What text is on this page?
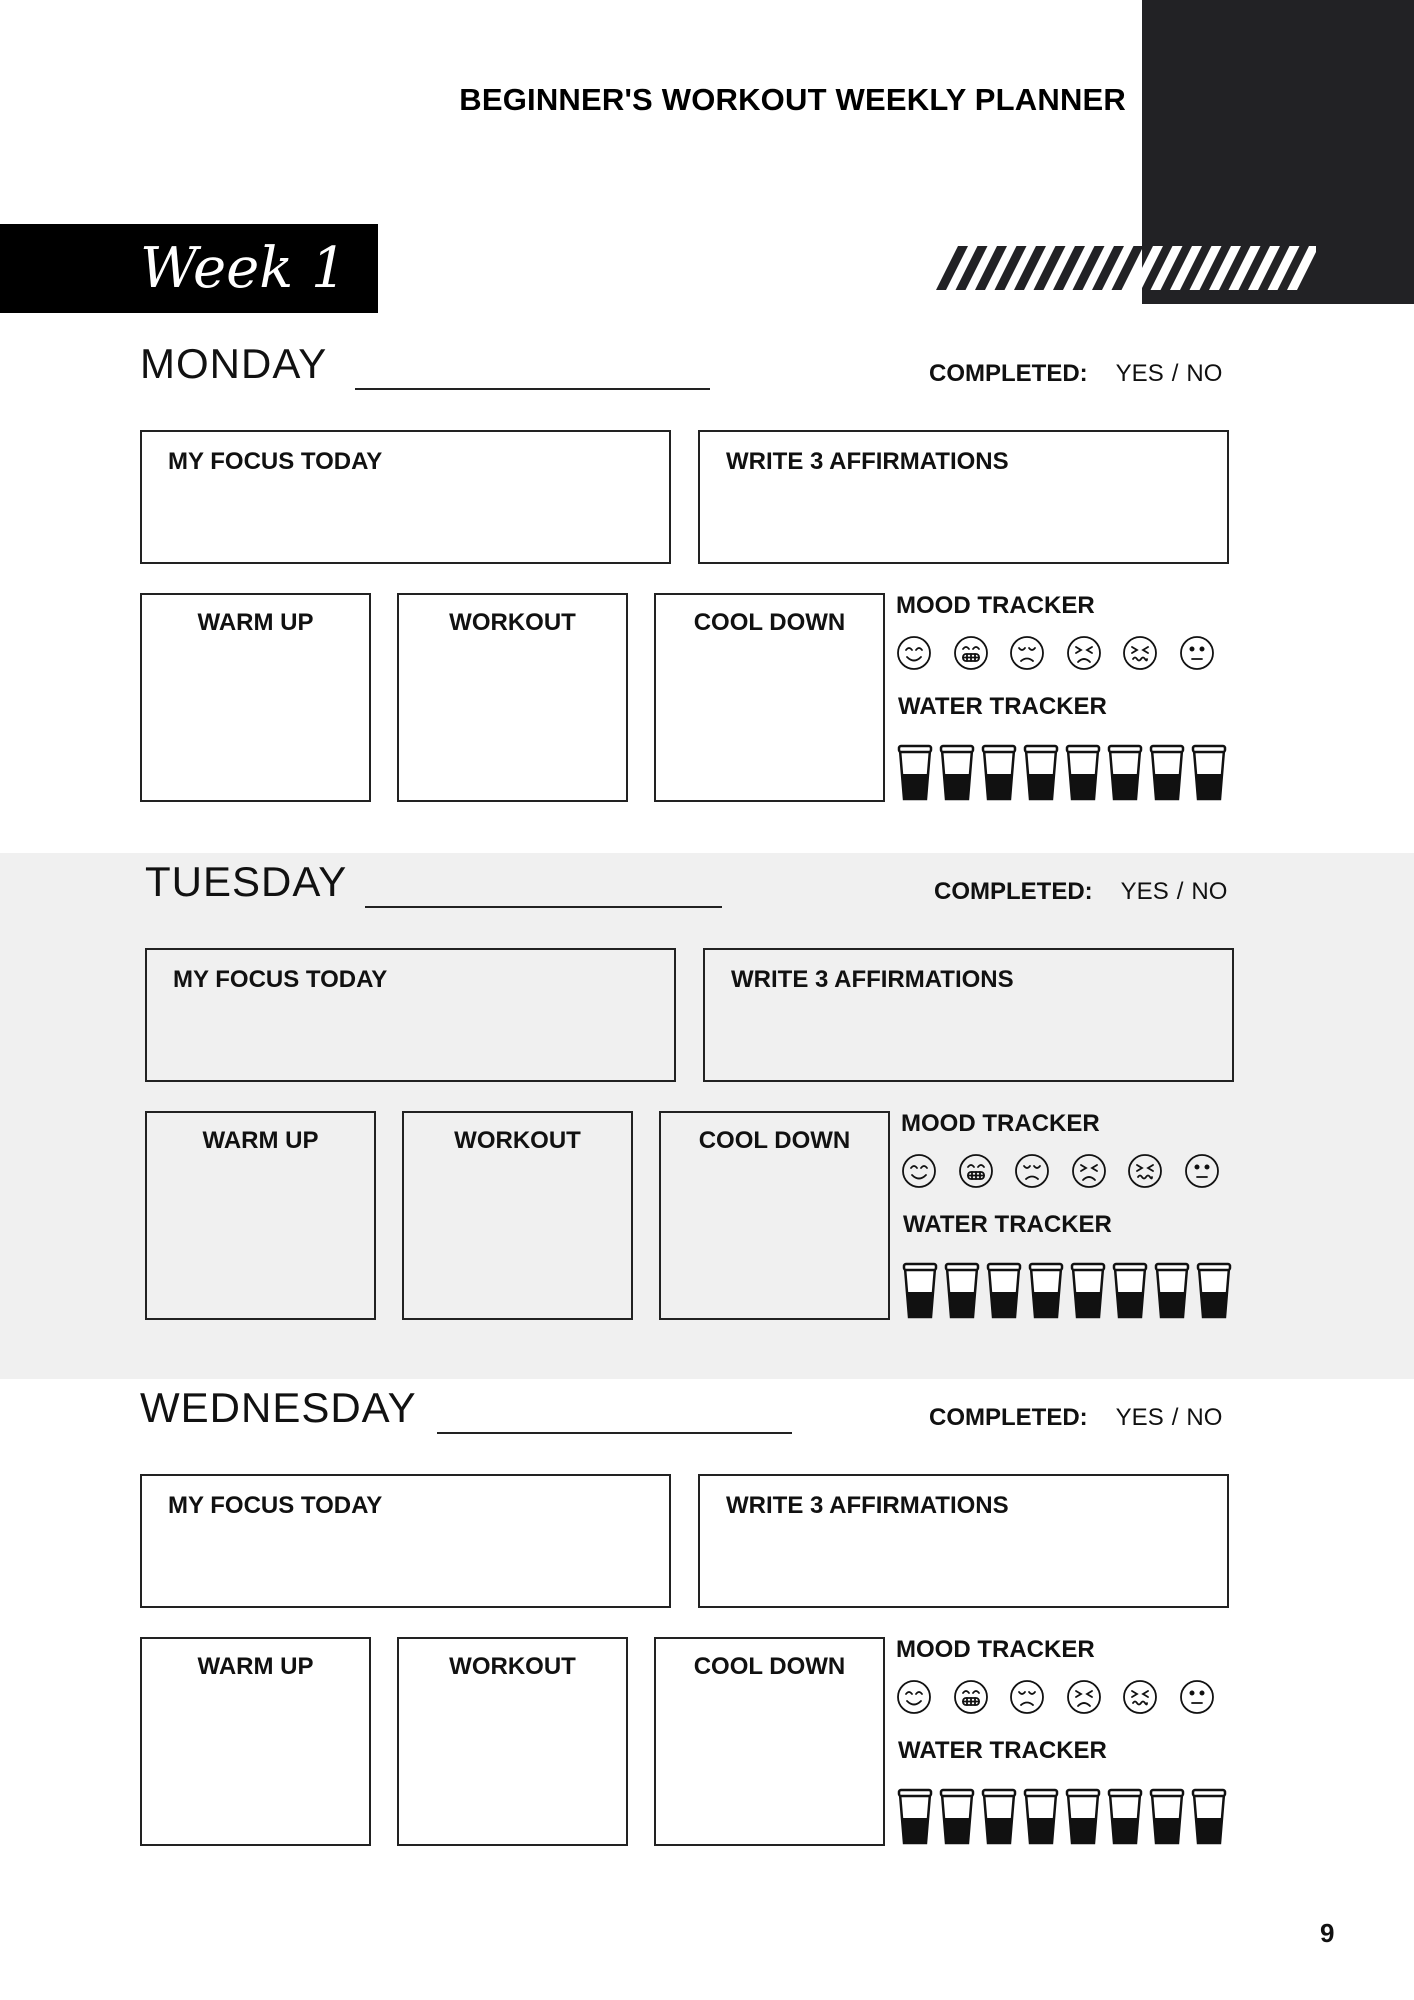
BEGINNER'S WORKOUT WEEKLY PLANNER
Week 1
MONDAY	COMPLETED: YES / NO
MY FOCUS TODAY	WRITE 3 AFFIRMATIONS
WARM UP	WORKOUT	COOL DOWN
MOOD TRACKER
WATER TRACKER
TUESDAY	COMPLETED: YES / NO
MY FOCUS TODAY	WRITE 3 AFFIRMATIONS
WARM UP	WORKOUT	COOL DOWN
MOOD TRACKER
WATER TRACKER
WEDNESDAY	COMPLETED: YES / NO
MY FOCUS TODAY	WRITE 3 AFFIRMATIONS
WARM UP	WORKOUT	COOL DOWN
MOOD TRACKER
WATER TRACKER
9
